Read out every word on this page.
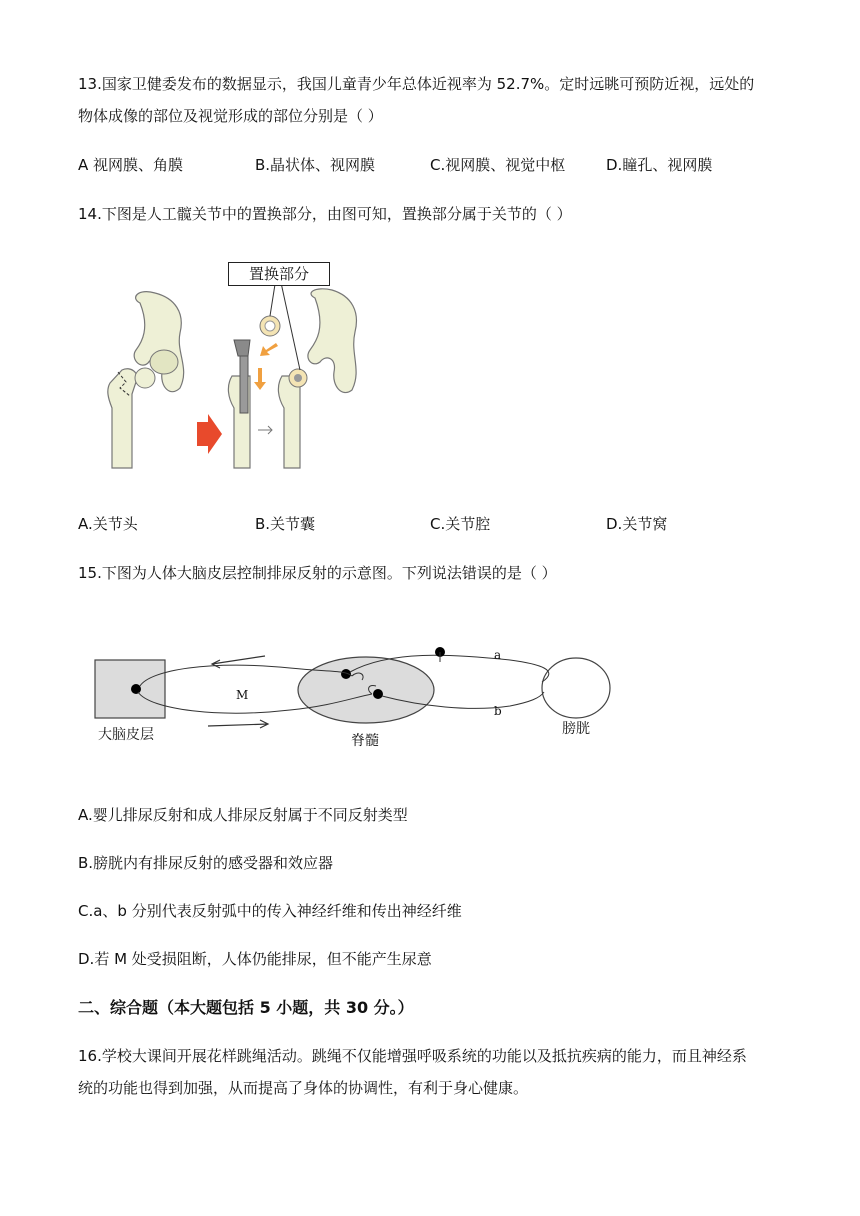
13.国家卫健委发布的数据显示，我国儿童青少年总体近视率为 52.7%。定时远眺可预防近视，远处的
物体成像的部位及视觉形成的部位分别是（ ）
A 视网膜、角膜	B.晶状体、视网膜	C.视网膜、视觉中枢	D.瞳孔、视网膜
14.下图是人工髋关节中的置换部分，由图可知，置换部分属于关节的（ ）
置换部分
A.关节头	B.关节囊	C.关节腔	D.关节窝
15.下图为人体大脑皮层控制排尿反射的示意图。下列说法错误的是（ ）
M
a
b
大脑皮层	脊髓
膀胱
A.婴儿排尿反射和成人排尿反射属于不同反射类型
B.膀胱内有排尿反射的感受器和效应器
C.a、b 分别代表反射弧中的传入神经纤维和传出神经纤维
D.若 M 处受损阻断，人体仍能排尿，但不能产生尿意
二、综合题（本大题包括 5 小题，共 30 分。）
16.学校大课间开展花样跳绳活动。跳绳不仅能增强呼吸系统的功能以及抵抗疾病的能力，而且神经系
统的功能也得到加强，从而提高了身体的协调性，有利于身心健康。
